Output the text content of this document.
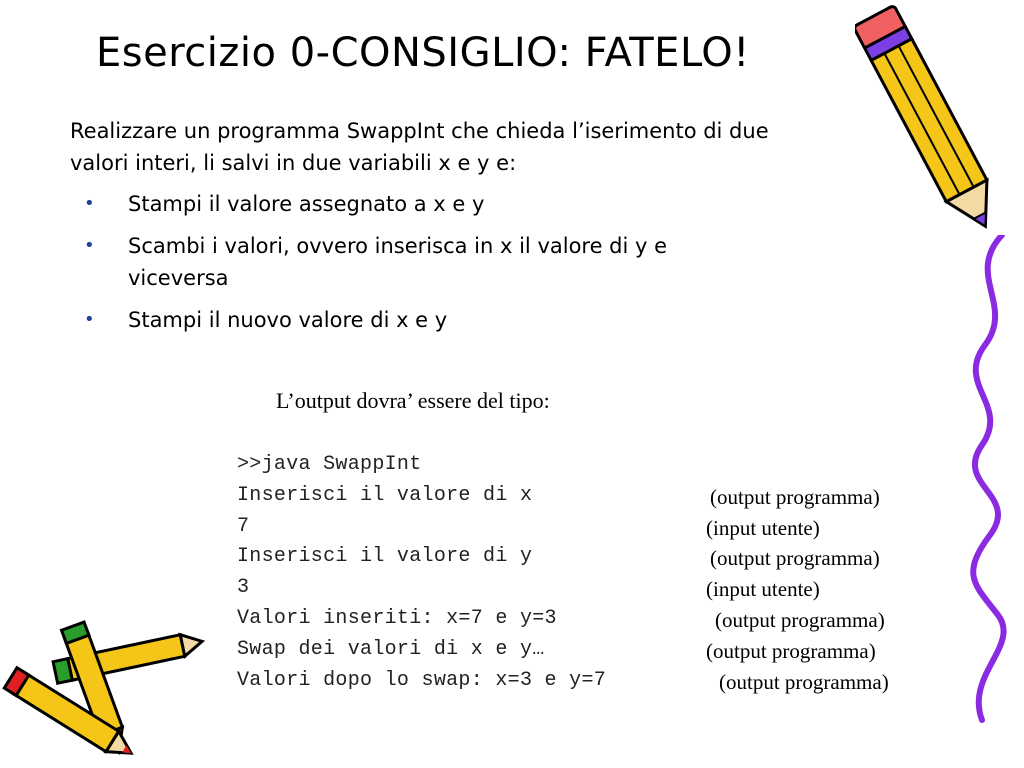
Esercizio 0-CONSIGLIO: FATELO!
Realizzare un programma SwappInt che chieda l’iserimento di due valori interi, li salvi in due variabili x e y e:
• Stampi il valore assegnato a x e y
• Scambi i valori, ovvero inserisca in x il valore di y e viceversa
• Stampi il nuovo valore di x e y
L’output dovra’ essere del tipo:
>>java SwappInt
Inserisci il valore di x	(output programma)
7	(input utente)
Inserisci il valore di y	(output programma)
3	(input utente)
Valori inseriti: x=7 e y=3	(output programma)
Swap dei valori di x e y…	(output programma)
Valori dopo lo swap: x=3 e y=7	(output programma)
